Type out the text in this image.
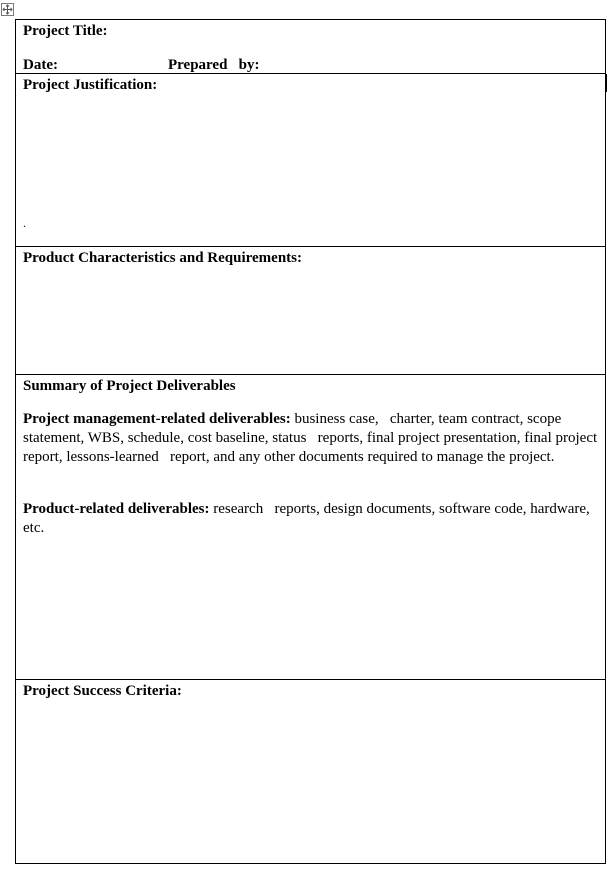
Project Title:
Date:	Prepared   by:
Project Justification:
.
Product Characteristics and Requirements:
Summary of Project Deliverables
Project management-related deliverables: business case,   charter, team contract, scope statement, WBS, schedule, cost baseline, status   reports, final project presentation, final project report, lessons-learned   report, and any other documents required to manage the project.
Product-related deliverables: research   reports, design documents, software code, hardware, etc.
Project Success Criteria:
